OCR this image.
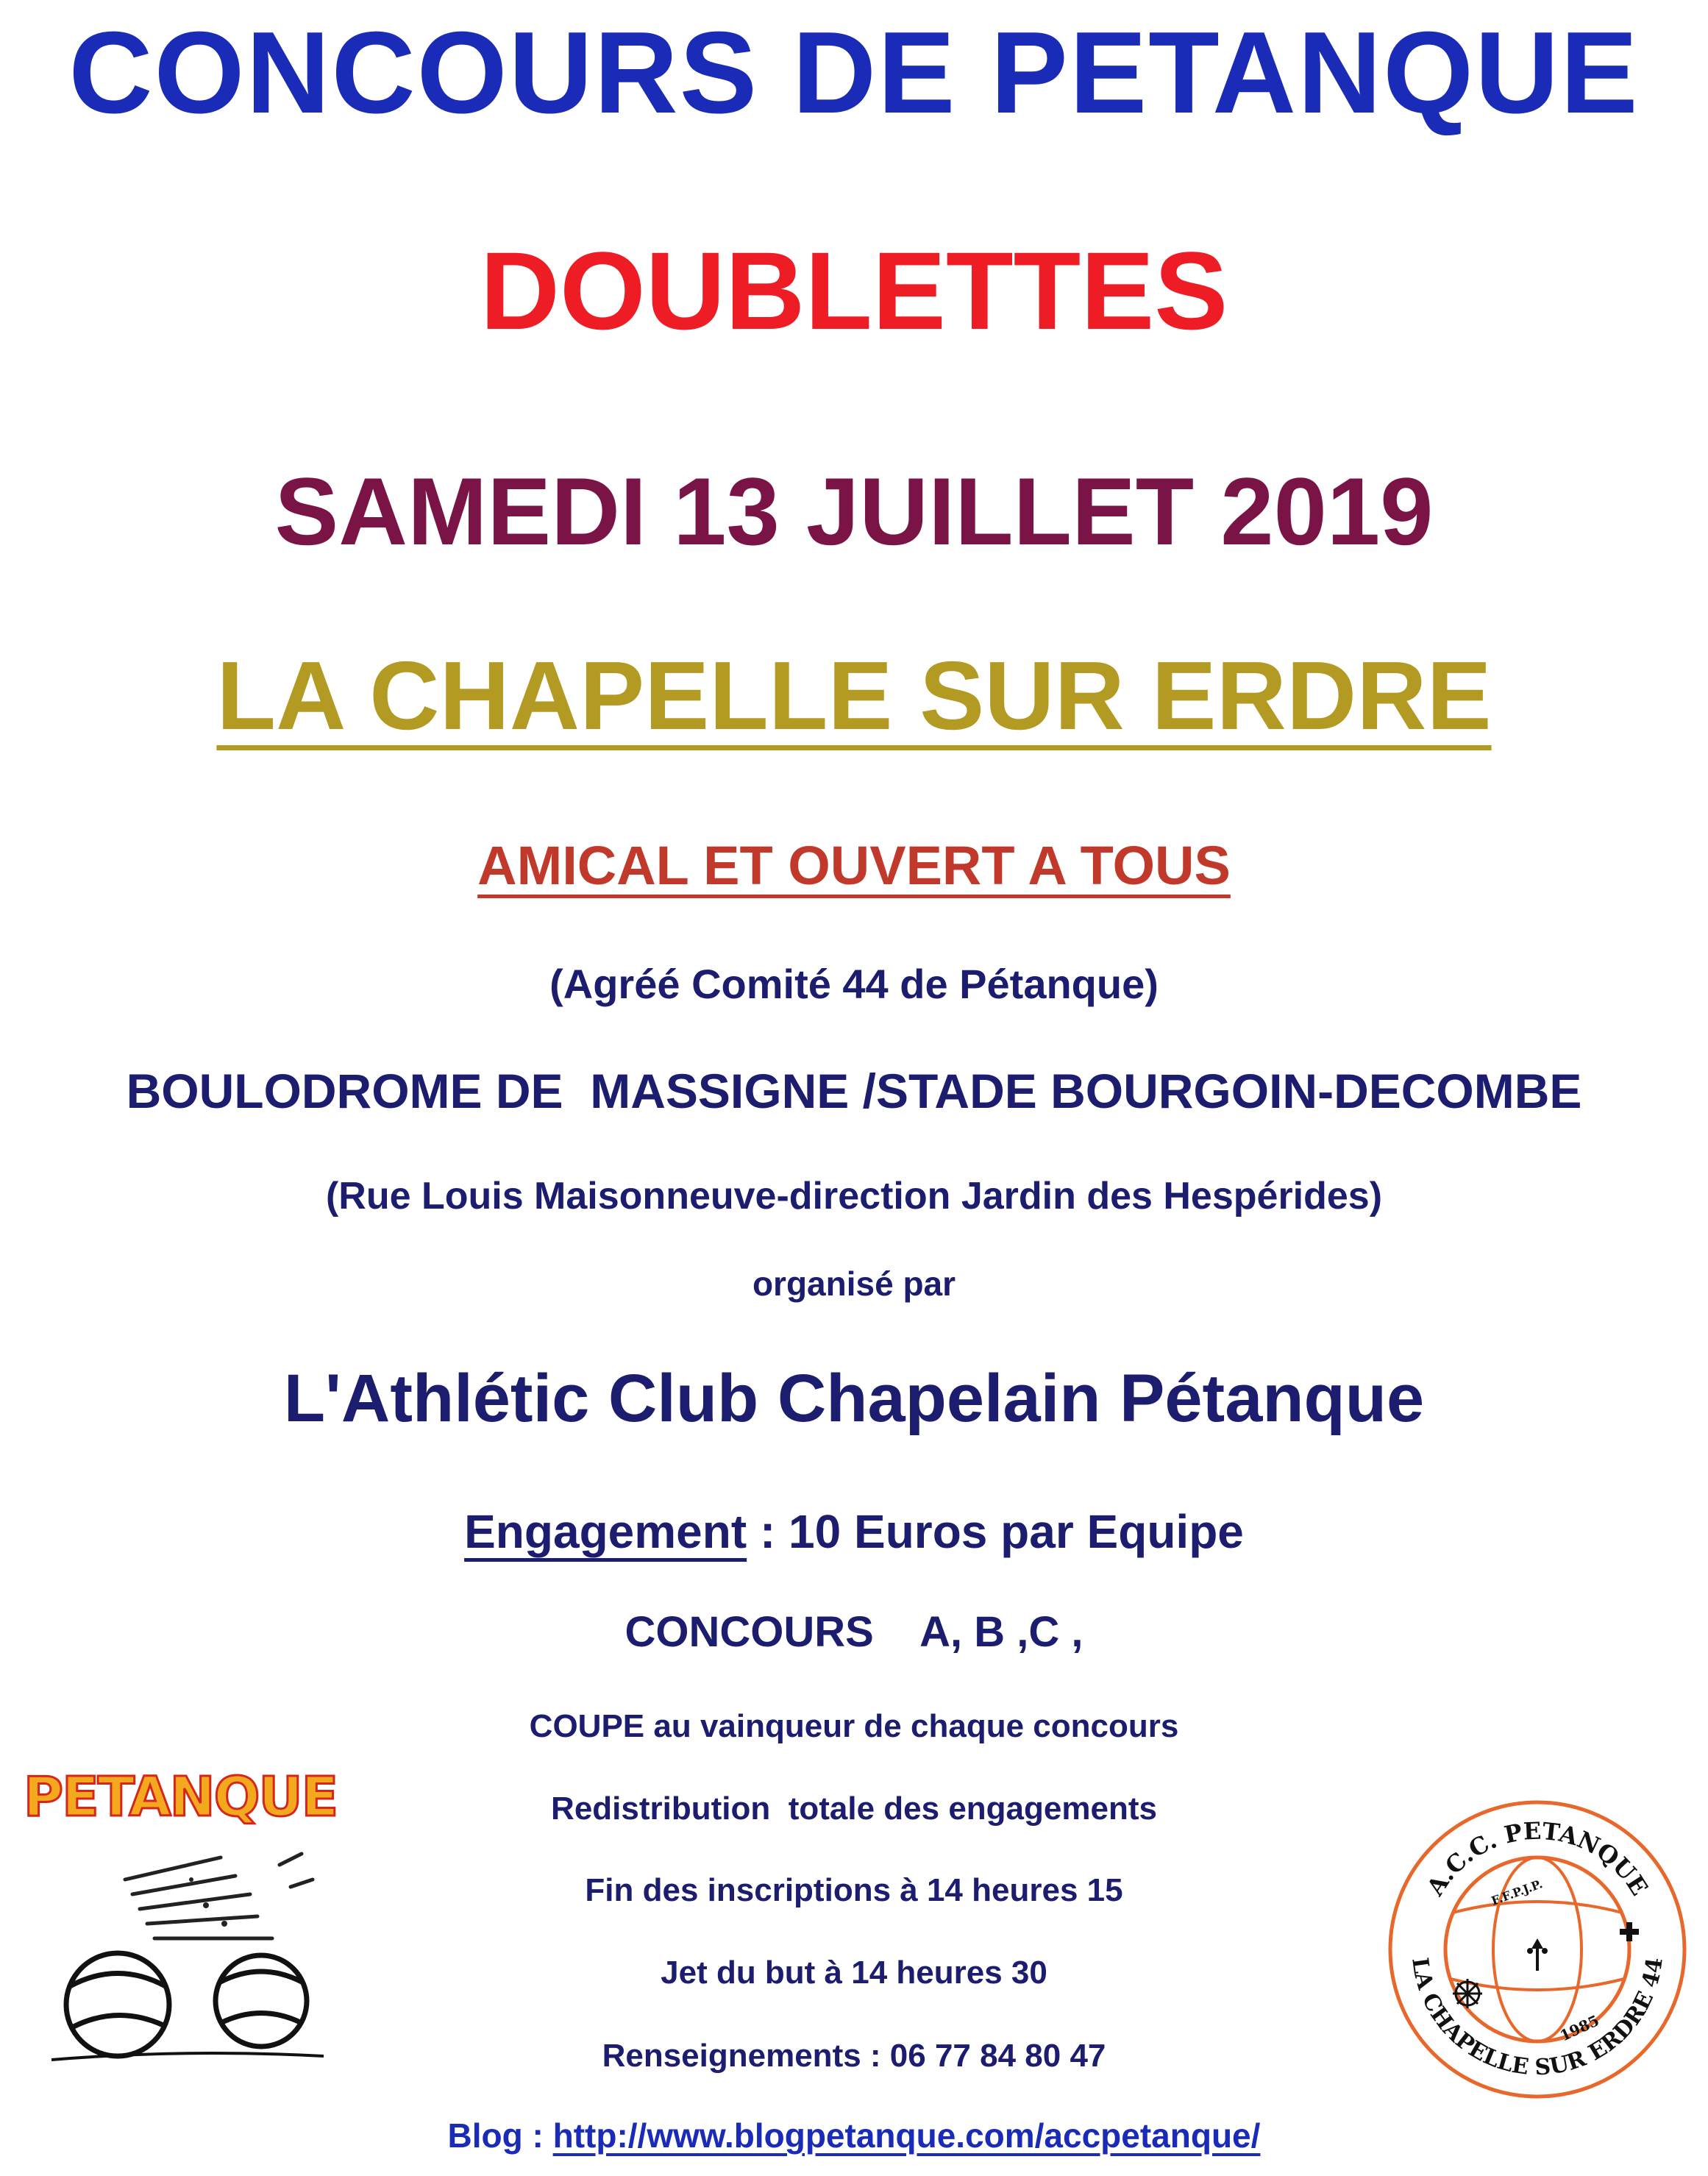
CONCOURS DE PETANQUE
DOUBLETTES
SAMEDI 13 JUILLET 2019
LA CHAPELLE SUR ERDRE
AMICAL ET OUVERT A TOUS
(Agréé Comité 44 de Pétanque)
BOULODROME DE  MASSIGNE /STADE BOURGOIN-DECOMBE
(Rue Louis Maisonneuve-direction Jardin des Hespérides)
organisé par
L'Athlétic Club Chapelain Pétanque
Engagement : 10 Euros par Equipe
CONCOURS    A, B ,C ,
COUPE au vainqueur de chaque concours
Redistribution  totale des engagements
Fin des inscriptions à 14 heures 15
Jet du but à 14 heures 30
Renseignements : 06 77 84 80 47
Blog : http://www.blogpetanque.com/accpetanque/
PETANQUE
A.C.C. PETANQUE
LA CHAPELLE SUR ERDRE 44
F.F.P.J.P.
1985
